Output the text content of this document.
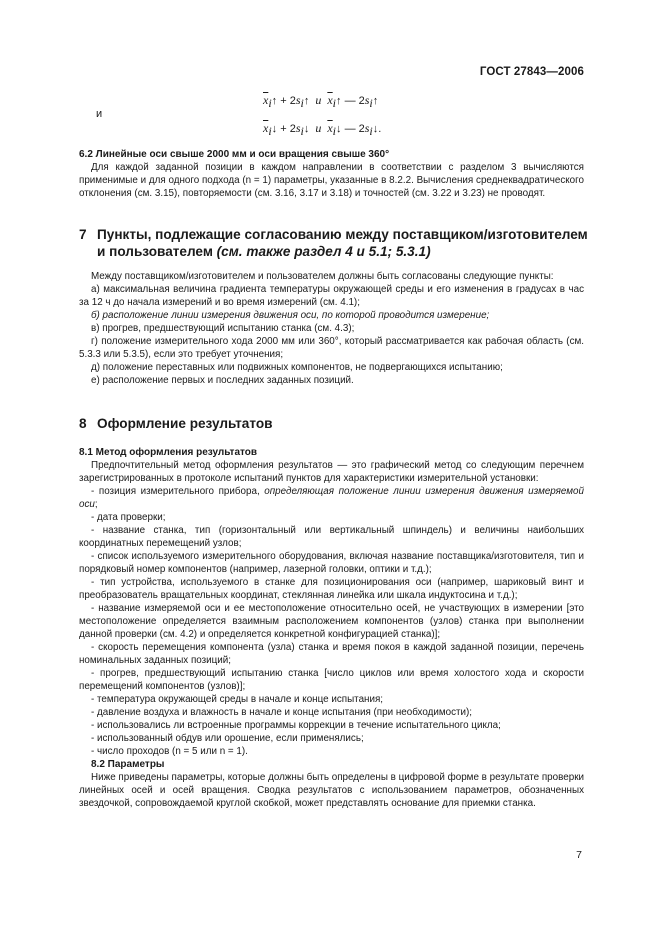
ГОСТ 27843—2006
$\overline{x}_i↑$ + $2s_i↑$  и  $\overline{x}_i↑$ — $2s_i↑$
и
$\overline{x}_i↓$ + $2s_i↓$  и  $\overline{x}_i↓$ — $2s_i↓$.

6.2 Линейные оси свыше 2000 мм и оси вращения свыше 360°

Для каждой заданной позиции в каждом направлении в соответствии с разделом 3 вычисляются применимые и для одного подхода (n = 1) параметры, указанные в 8.2.2. Вычисления среднеквадратического отклонения (см. 3.15), повторяемости (см. 3.16, 3.17 и 3.18) и точностей (см. 3.22 и 3.23) не проводят.

7 Пункты, подлежащие согласованию между поставщиком/изготовителем
и пользователем (см. также раздел 4 и 5.1; 5.3.1)

Между поставщиком/изготовителем и пользователем должны быть согласованы следующие пункты:

а) максимальная величина градиента температуры окружающей среды и его изменения в градусах в час за 12 ч до начала измерений и во время измерений (см. 4.1);

б) расположение линии измерения движения оси, по которой проводится измерение;

в) прогрев, предшествующий испытанию станка (см. 4.3);

г) положение измерительного хода 2000 мм или 360°, который рассматривается как рабочая область (см. 5.3.3 или 5.3.5), если это требует уточнения;

д) положение переставных или подвижных компонентов, не подвергающихся испытанию;

е) расположение первых и последних заданных позиций.

8 Оформление результатов

8.1 Метод оформления результатов

Предпочтительный метод оформления результатов — это графический метод со следующим перечнем зарегистрированных в протоколе испытаний пунктов для характеристики измерительной установки:

- позиция измерительного прибора, определяющая положение линии измерения движения измеряемой оси;

- дата проверки;

- название станка, тип (горизонтальный или вертикальный шпиндель) и величины наибольших координатных перемещений узлов;

- список используемого измерительного оборудования, включая название поставщика/изготовителя, тип и порядковый номер компонентов (например, лазерной головки, оптики и т.д.);

- тип устройства, используемого в станке для позиционирования оси (например, шариковый винт и преобразователь вращательных координат, стеклянная линейка или шкала индуктосина и т.д.);

- название измеряемой оси и ее местоположение относительно осей, не участвующих в измерении [это местоположение определяется взаимным расположением компонентов (узлов) станка при выполнении данной проверки (см. 4.2) и определяется конкретной конфигурацией станка)];

- скорость перемещения компонента (узла) станка и время покоя в каждой заданной позиции, перечень номинальных заданных позиций;

- прогрев, предшествующий испытанию станка [число циклов или время холостого хода и скорости перемещений компонентов (узлов)];

- температура окружающей среды в начале и конце испытания;

- давление воздуха и влажность в начале и конце испытания (при необходимости);

- использовались ли встроенные программы коррекции в течение испытательного цикла;

- использованный обдув или орошение, если применялись;

- число проходов (n = 5 или n = 1).

8.2 Параметры

Ниже приведены параметры, которые должны быть определены в цифровой форме в результате проверки линейных осей и осей вращения. Сводка результатов с использованием параметров, обозначенных звездочкой, сопровождаемой круглой скобкой, может представлять основание для приемки станка.

7
